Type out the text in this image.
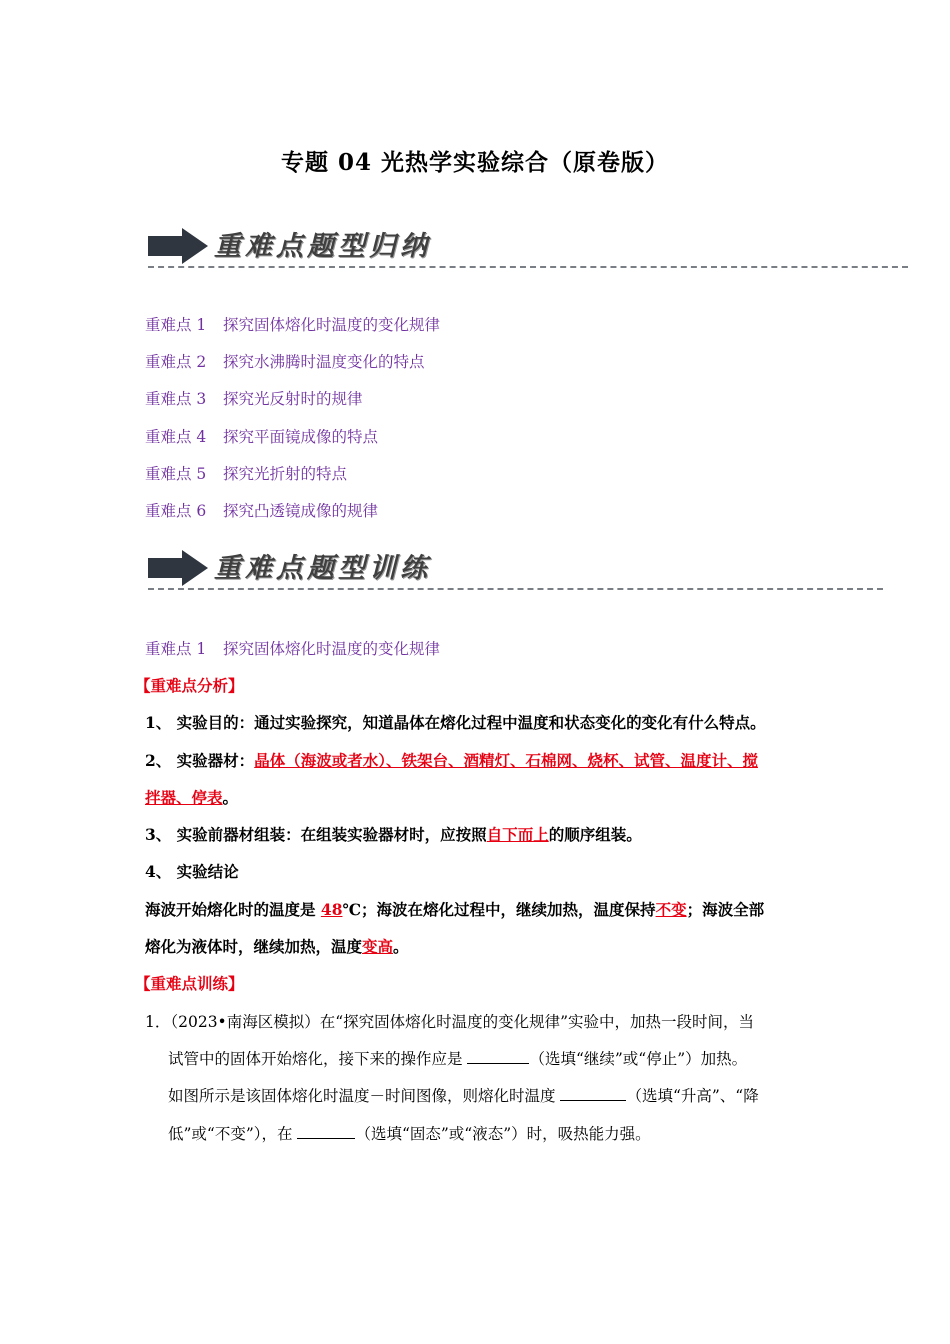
专题 04 光热学实验综合（原卷版）
重难点题型归纳
重难点 1 探究固体熔化时温度的变化规律
重难点 2 探究水沸腾时温度变化的特点
重难点 3 探究光反射时的规律
重难点 4 探究平面镜成像的特点
重难点 5 探究光折射的特点
重难点 6 探究凸透镜成像的规律
重难点题型训练
重难点 1 探究固体熔化时温度的变化规律
【重难点分析】
1、 实验目的：通过实验探究，知道晶体在熔化过程中温度和状态变化的变化有什么特点。
2、 实验器材：晶体（海波或者水）、铁架台、酒精灯、石棉网、烧杯、试管、温度计、搅
拌器、停表。
3、 实验前器材组装：在组装实验器材时，应按照自下而上的顺序组装。
4、 实验结论
海波开始熔化时的温度是 48℃；海波在熔化过程中，继续加热，温度保持不变；海波全部
熔化为液体时，继续加热，温度变高。
【重难点训练】
1．（2023•南海区模拟）在“探究固体熔化时温度的变化规律”实验中，加热一段时间，当
试管中的固体开始熔化，接下来的操作应是	（选填“继续”或“停止”）加热。
如图所示是该固体熔化时温度－时间图像，则熔化时温度	（选填“升高”、“降
低”或“不变”），在	（选填“固态”或“液态”）时，吸热能力强。
